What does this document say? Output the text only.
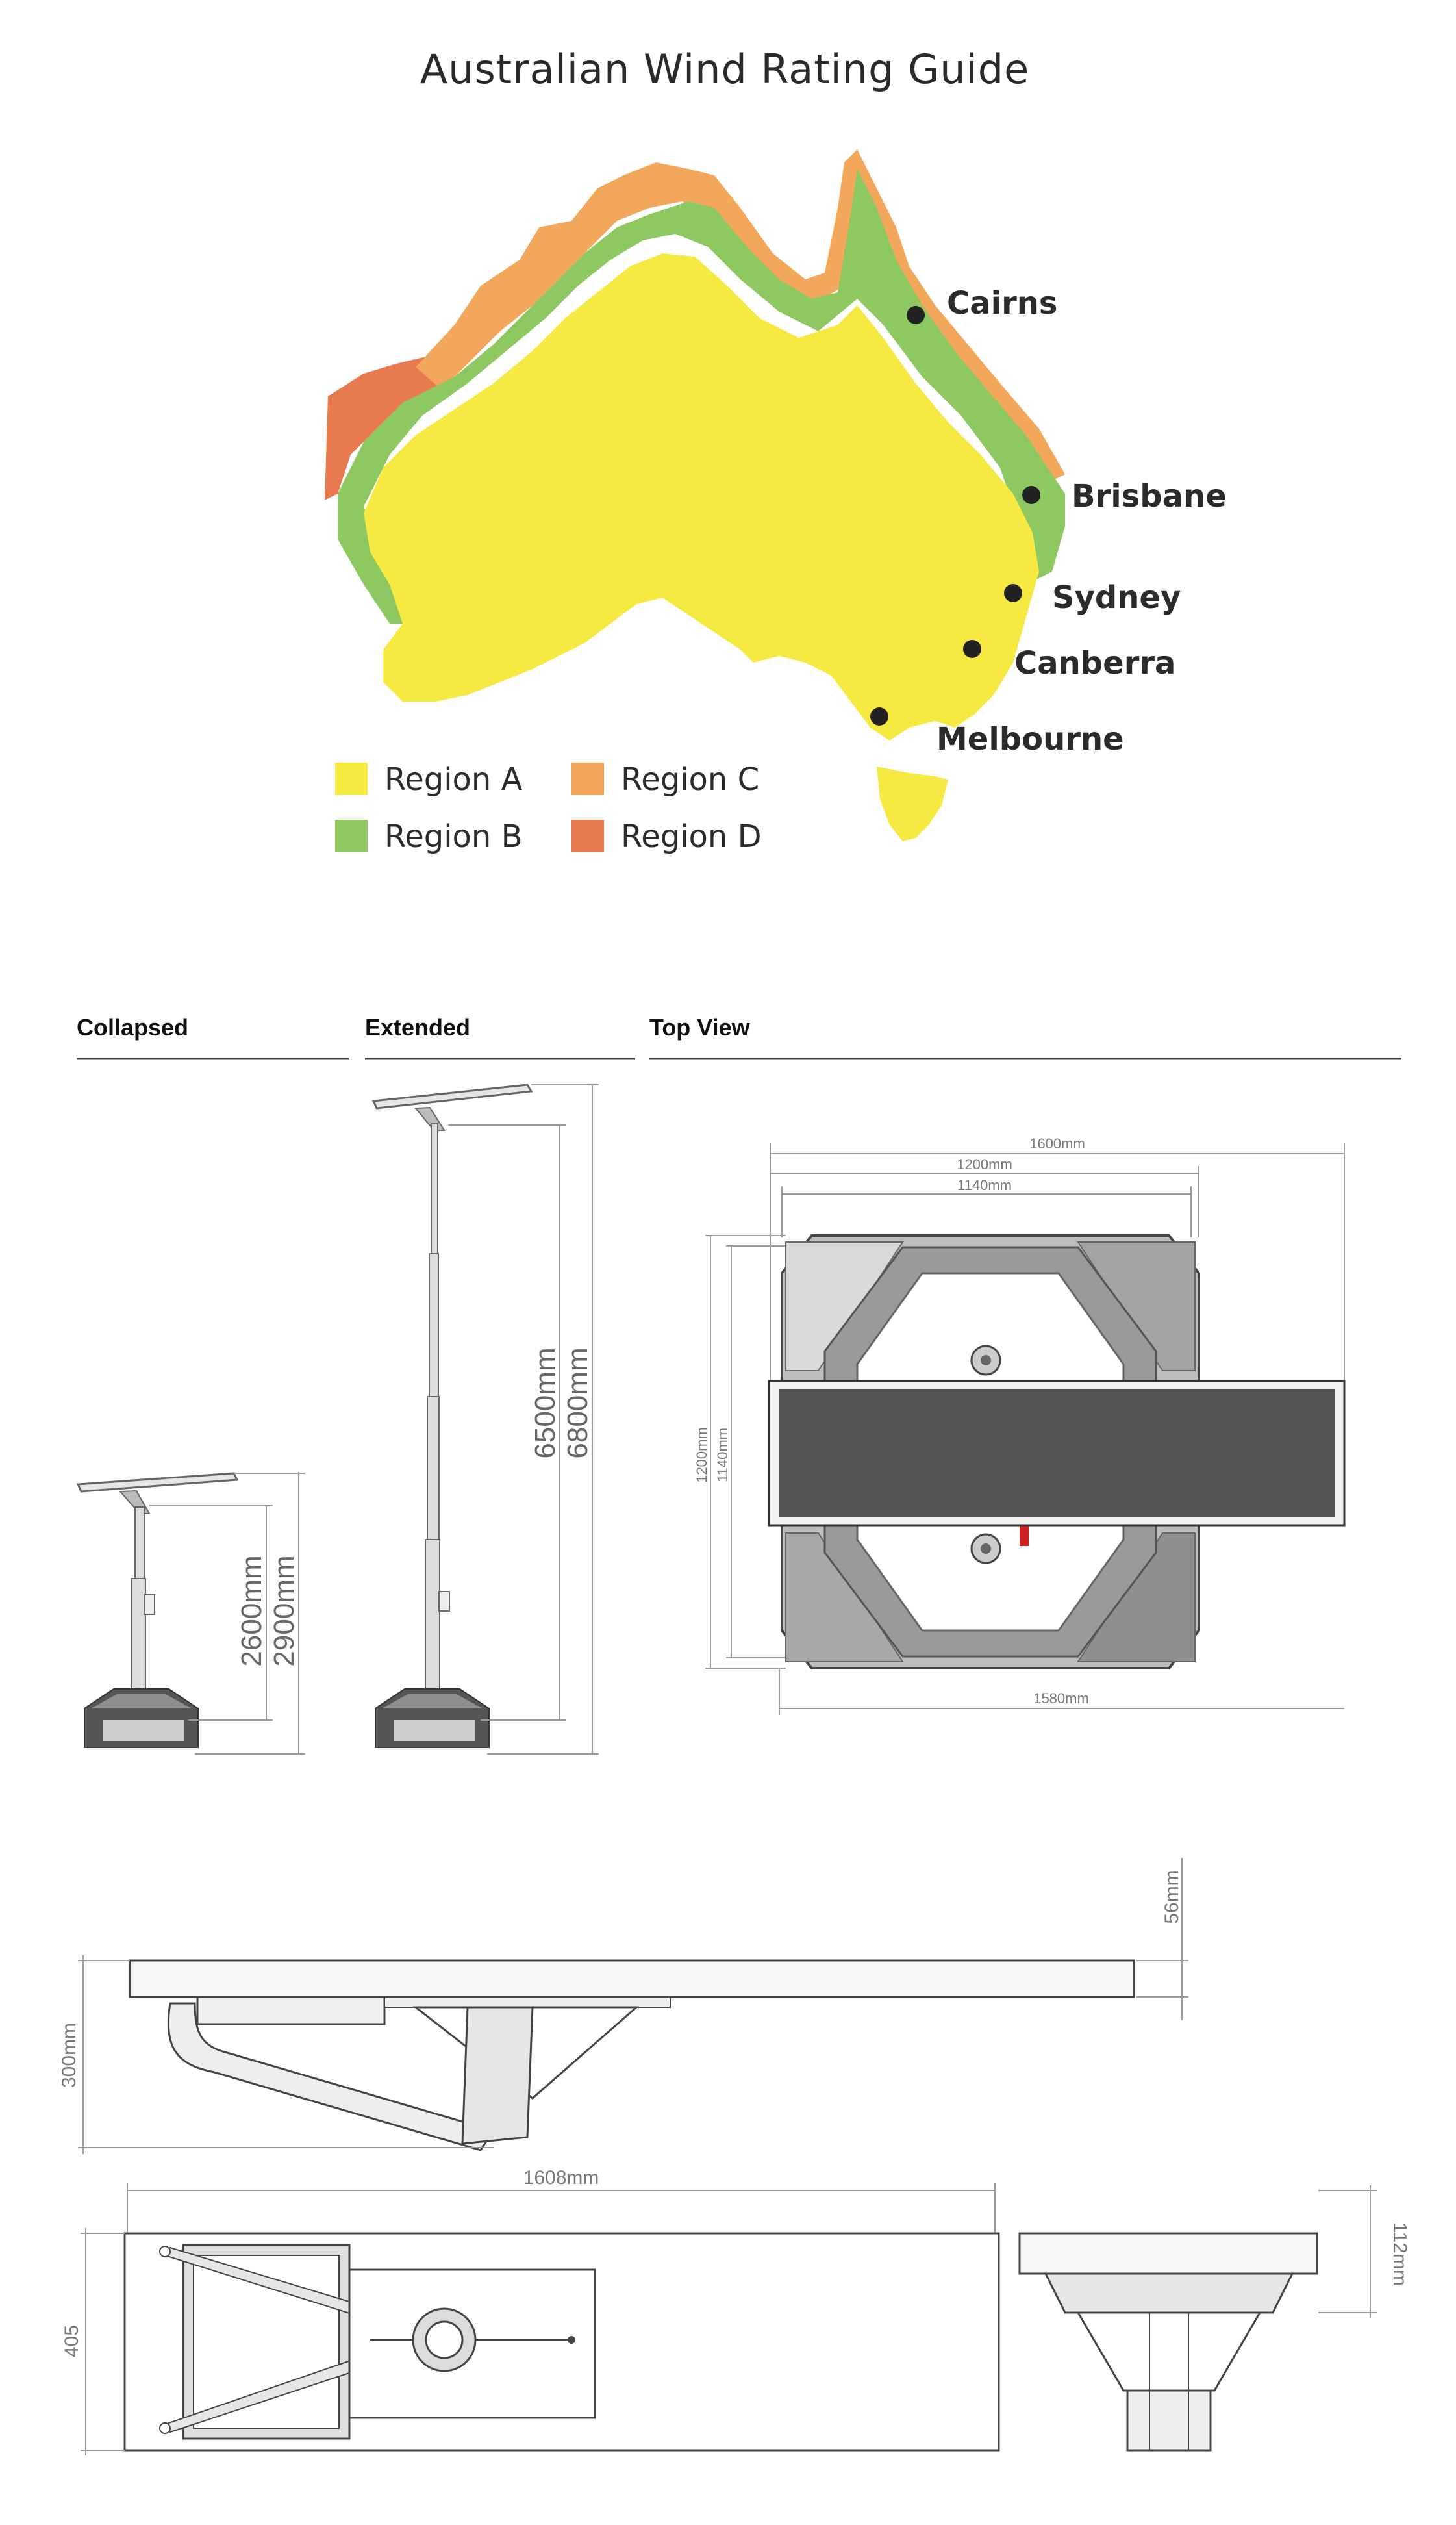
Australian Wind Rating Guide
Cairns
Brisbane
Sydney
Canberra
Melbourne
Region A
Region B
Region C
Region D
Collapsed	Extended	Top View
2600mm 2900mm
6500mm 6800mm
1600mm
1200mm
1140mm
1200mm 1140mm
1580mm
56mm
300mm
1608mm
405
112mm
